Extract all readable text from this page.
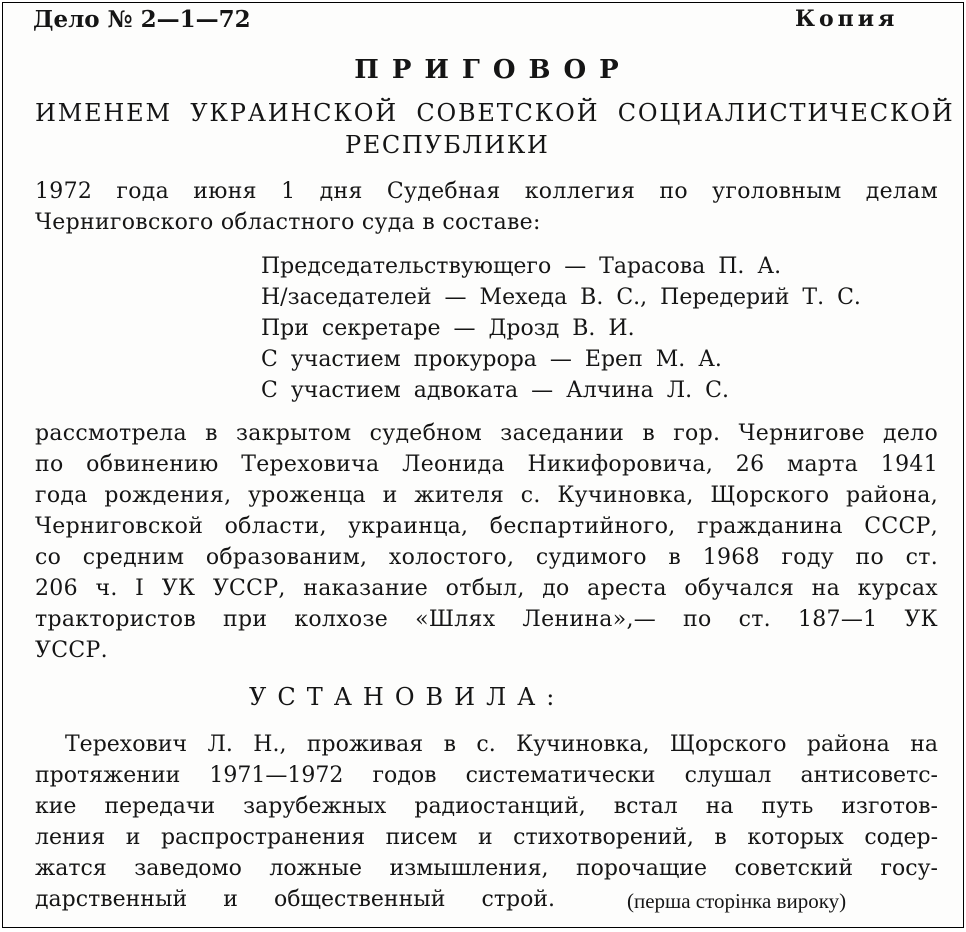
Дело № 2—1—72	Копия
ПРИГОВОР
ИМЕНЕМ УКРАИНСКОЙ СОВЕТСКОЙ СОЦИАЛИСТИЧЕСКОЙ
РЕСПУБЛИКИ
1972 года июня 1 дня Судебная коллегия по уголовным делам
Черниговского областного суда в составе:
Председательствующего — Тарасова П. А.
Н/заседателей — Мехеда В. С., Передерий Т. С.
При секретаре — Дрозд В. И.
С участием прокурора — Ереп М. А.
С участием адвоката — Алчина Л. С.
рассмотрела в закрытом судебном заседании в гор. Чернигове дело
по обвинению Тереховича Леонида Никифоровича, 26 марта 1941
года рождения, уроженца и жителя с. Кучиновка, Щорского района,
Черниговской области, украинца, беспартийного, гражданина СССР,
со средним образованим, холостого, судимого в 1968 году по ст.
206 ч. I УК УССР, наказание отбыл, до ареста обучался на курсах
трактористов при колхозе «Шлях Ленина»,— по ст. 187—1 УК
УССР.
УСТАНОВИЛА:
Терехович Л. Н., проживая в с. Кучиновка, Щорского района на
протяжении 1971—1972 годов систематически слушал антисоветс-
кие передачи зарубежных радиостанций, встал на путь изготов-
ления и распространения писем и стихотворений, в которых содер-
жатся заведомо ложные измышления, порочащие советский госу-
дарственный и общественный строй.	(перша сторінка вироку)
